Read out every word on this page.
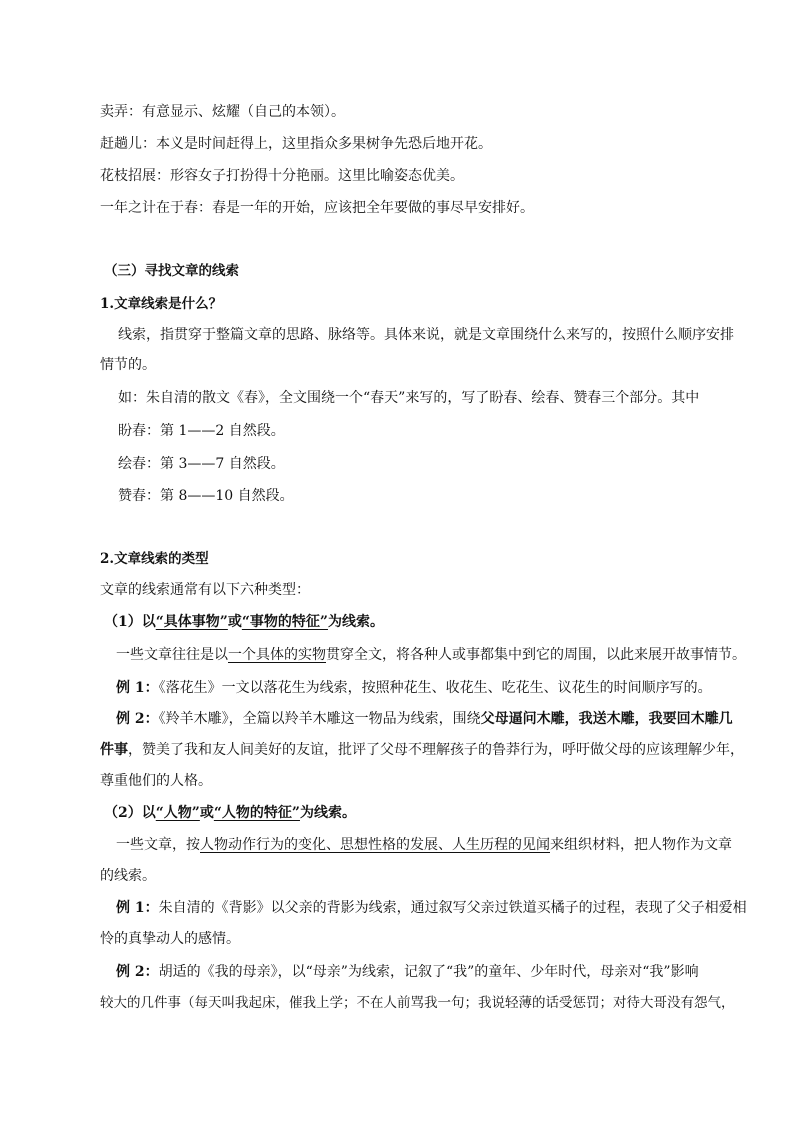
卖弄：有意显示、炫耀（自己的本领）。

赶趟儿：本义是时间赶得上，这里指众多果树争先恐后地开花。

花枝招展：形容女子打扮得十分艳丽。这里比喻姿态优美。

一年之计在于春：春是一年的开始，应该把全年要做的事尽早安排好。

（三）寻找文章的线索

1.文章线索是什么？

线索，指贯穿于整篇文章的思路、脉络等。具体来说，就是文章围绕什么来写的，按照什么顺序安排

情节的。

如：朱自清的散文《春》，全文围绕一个“春天”来写的，写了盼春、绘春、赞春三个部分。其中

盼春：第 1——2 自然段。

绘春：第 3——7 自然段。

赞春：第 8——10 自然段。

2.文章线索的类型

文章的线索通常有以下六种类型：

（1）以“具体事物”或“事物的特征”为线索。

一些文章往往是以一个具体的实物贯穿全文，将各种人或事都集中到它的周围，以此来展开故事情节。

例 1：《落花生》一文以落花生为线索，按照种花生、收花生、吃花生、议花生的时间顺序写的。

例 2：《羚羊木雕》，全篇以羚羊木雕这一物品为线索，围绕父母逼问木雕，我送木雕，我要回木雕几

件事，赞美了我和友人间美好的友谊，批评了父母不理解孩子的鲁莽行为，呼吁做父母的应该理解少年，

尊重他们的人格。

（2）以“人物”或“人物的特征”为线索。

一些文章，按人物动作行为的变化、思想性格的发展、人生历程的见闻来组织材料，把人物作为文章

的线索。

例 1：朱自清的《背影》以父亲的背影为线索，通过叙写父亲过铁道买橘子的过程，表现了父子相爱相

怜的真挚动人的感情。

例 2：胡适的《我的母亲》，以“母亲”为线索，记叙了“我”的童年、少年时代，母亲对“我”影响

较大的几件事（每天叫我起床，催我上学；不在人前骂我一句；我说轻薄的话受惩罚；对待大哥没有怨气，
